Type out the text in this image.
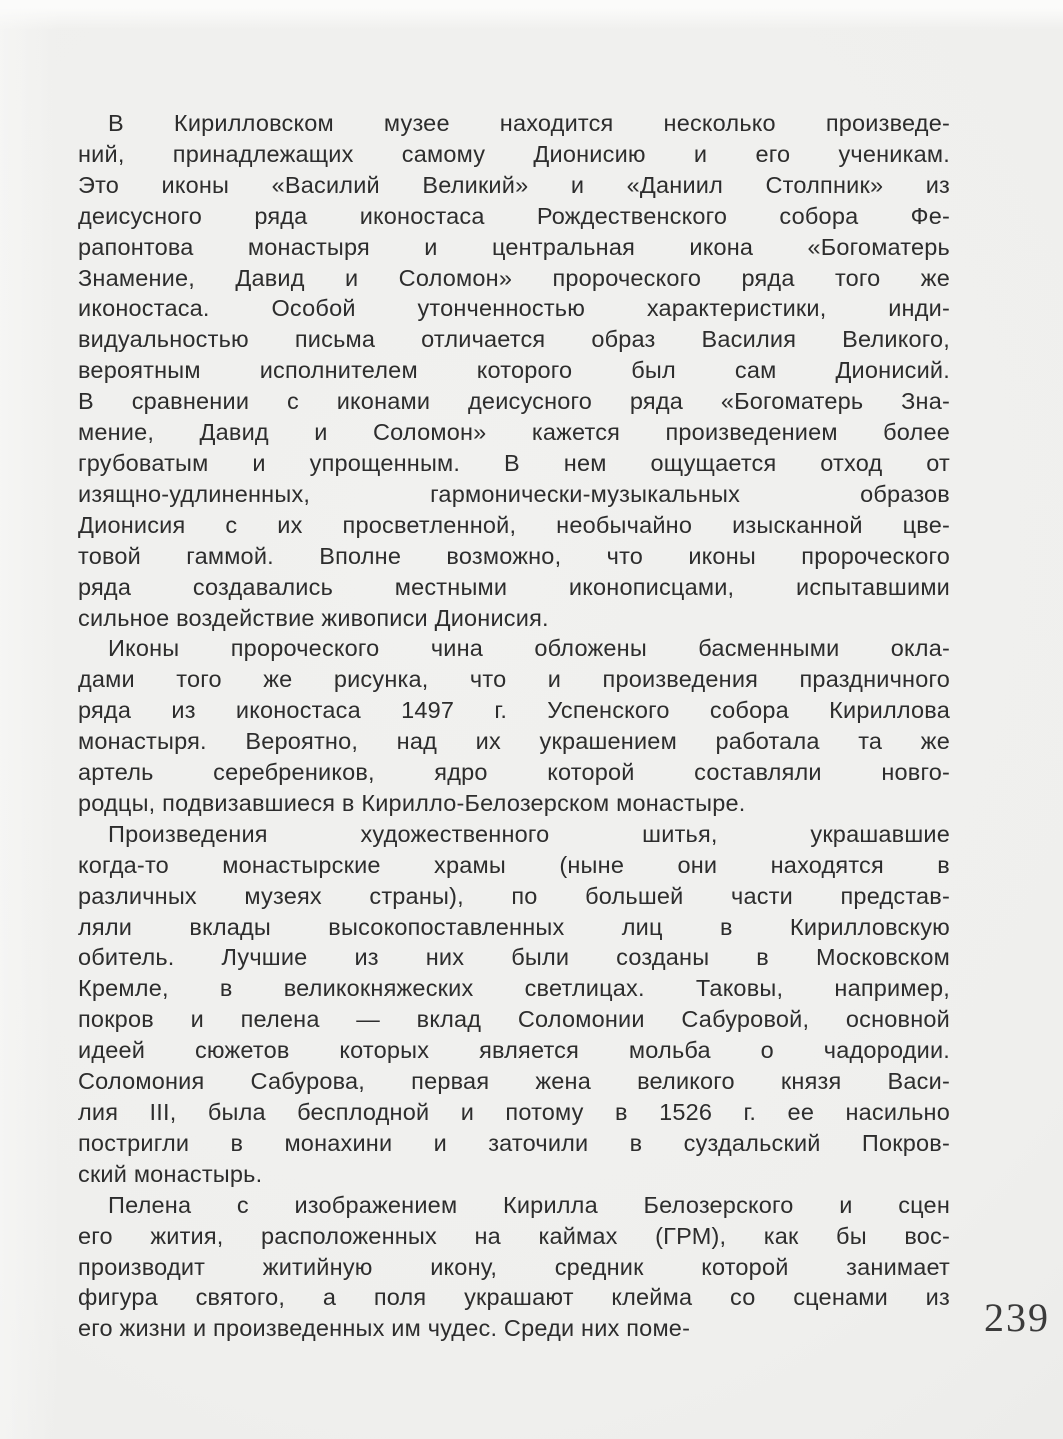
В Кирилловском музее находится несколько произведе-
ний, принадлежащих самому Дионисию и его ученикам.
Это иконы «Василий Великий» и «Даниил Столпник» из
деисусного ряда иконостаса Рождественского собора Фе-
рапонтова монастыря и центральная икона «Богоматерь
Знамение, Давид и Соломон» пророческого ряда того же
иконостаса. Особой утонченностью характеристики, инди-
видуальностью письма отличается образ Василия Великого,
вероятным исполнителем которого был сам Дионисий.
В сравнении с иконами деисусного ряда «Богоматерь Зна-
мение, Давид и Соломон» кажется произведением более
грубоватым и упрощенным. В нем ощущается отход от
изящно-удлиненных, гармонически-музыкальных образов
Дионисия с их просветленной, необычайно изысканной цве-
товой гаммой. Вполне возможно, что иконы пророческого
ряда создавались местными иконописцами, испытавшими
сильное воздействие живописи Дионисия.
Иконы пророческого чина обложены басменными окла-
дами того же рисунка, что и произведения праздничного
ряда из иконостаса 1497 г. Успенского собора Кириллова
монастыря. Вероятно, над их украшением работала та же
артель серебреников, ядро которой составляли новго-
родцы, подвизавшиеся в Кирилло-Белозерском монастыре.
Произведения художественного шитья, украшавшие
когда-то монастырские храмы (ныне они находятся в
различных музеях страны), по большей части представ-
ляли вклады высокопоставленных лиц в Кирилловскую
обитель. Лучшие из них были созданы в Московском
Кремле, в великокняжеских светлицах. Таковы, например,
покров и пелена — вклад Соломонии Сабуровой, основной
идеей сюжетов которых является мольба о чадородии.
Соломония Сабурова, первая жена великого князя Васи-
лия III, была бесплодной и потому в 1526 г. ее насильно
постригли в монахини и заточили в суздальский Покров-
ский монастырь.
Пелена с изображением Кирилла Белозерского и сцен
его жития, расположенных на каймах (ГРМ), как бы вос-
производит житийную икону, средник которой занимает
фигура святого, а поля украшают клейма со сценами из
его жизни и произведенных им чудес. Среди них поме-	239
